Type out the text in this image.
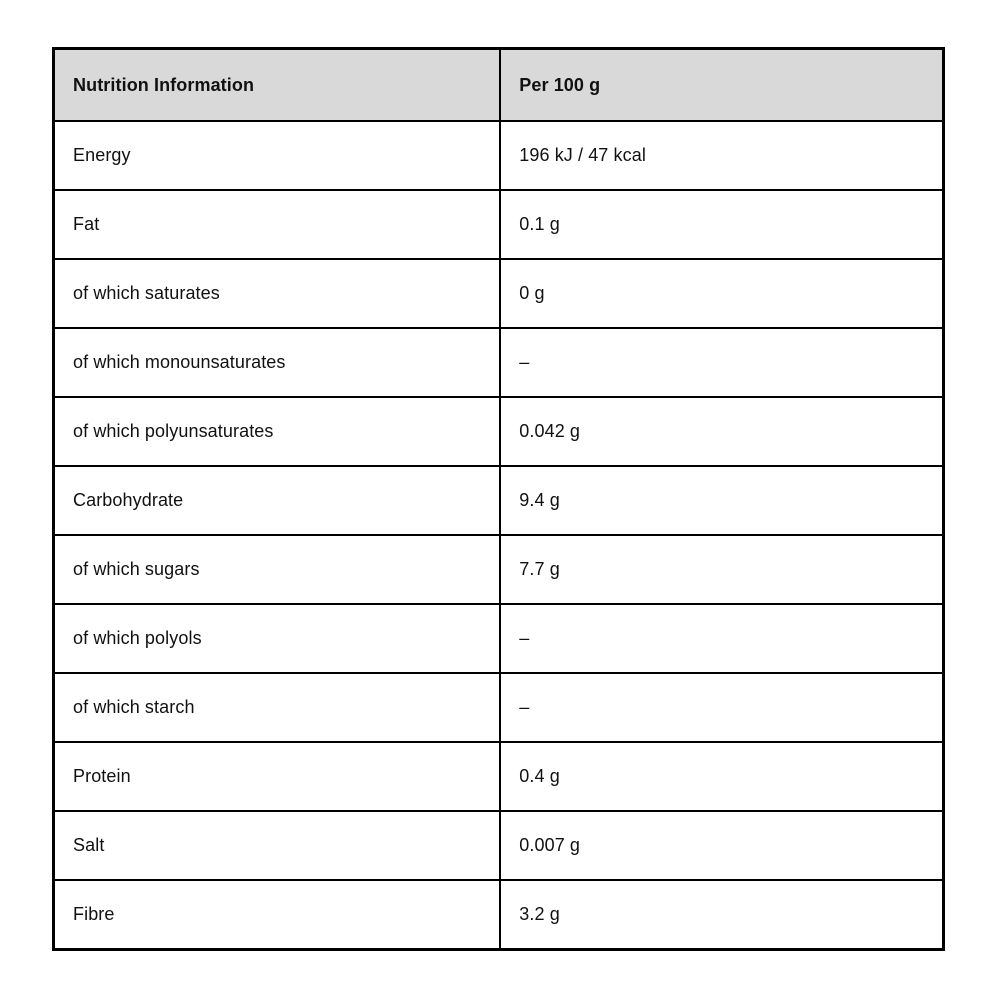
Nutrition Information	Per 100 g
Energy	196 kJ / 47 kcal
Fat	0.1 g
of which saturates	0 g
of which monounsaturates	–
of which polyunsaturates	0.042 g
Carbohydrate	9.4 g
of which sugars	7.7 g
of which polyols	–
of which starch	–
Protein	0.4 g
Salt	0.007 g
Fibre	3.2 g
